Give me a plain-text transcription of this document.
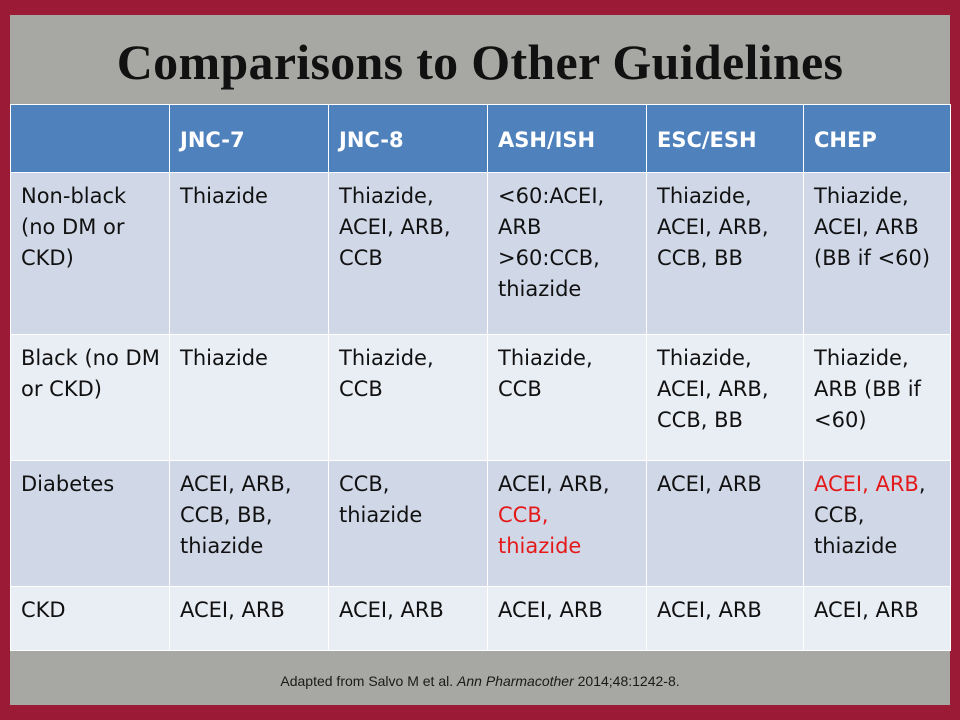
Comparisons to Other Guidelines
	JNC-7	JNC-8	ASH/ISH	ESC/ESH	CHEP
Non-black (no DM or CKD)	Thiazide	Thiazide, ACEI, ARB, CCB	<60:ACEI, ARB >60:CCB, thiazide	Thiazide, ACEI, ARB, CCB, BB	Thiazide, ACEI, ARB (BB if <60)
Black (no DM or CKD)	Thiazide	Thiazide, CCB	Thiazide, CCB	Thiazide, ACEI, ARB, CCB, BB	Thiazide, ARB (BB if <60)
Diabetes	ACEI, ARB, CCB, BB, thiazide	CCB, thiazide	ACEI, ARB, CCB, thiazide	ACEI, ARB	ACEI, ARB, CCB, thiazide
CKD	ACEI, ARB	ACEI, ARB	ACEI, ARB	ACEI, ARB	ACEI, ARB
Adapted from Salvo M et al. Ann Pharmacother 2014;48:1242-8.
